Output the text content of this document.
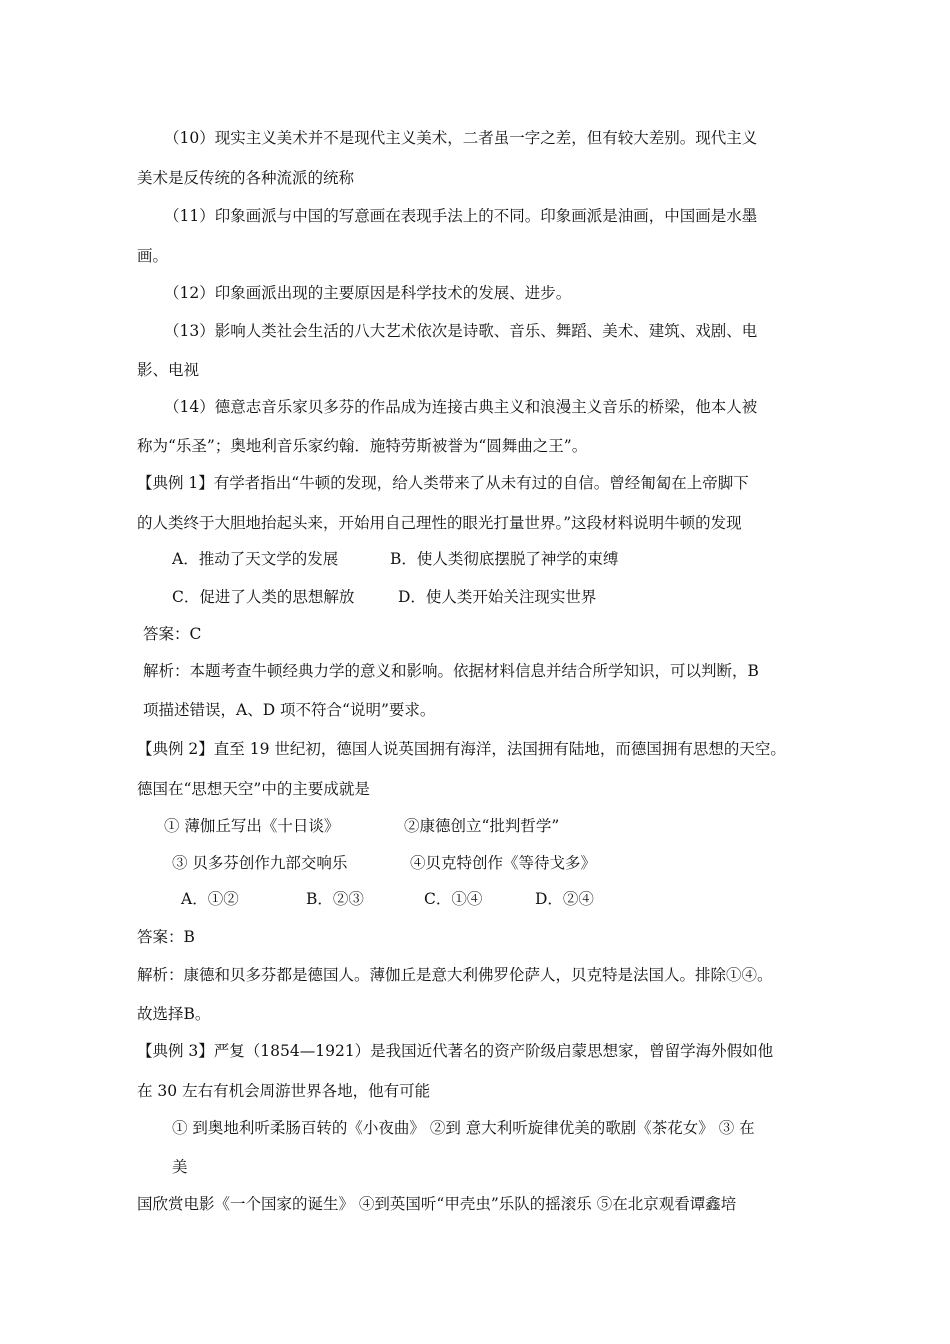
（10）现实主义美术并不是现代主义美术，二者虽一字之差，但有较大差别。现代主义

美术是反传统的各种流派的统称

（11）印象画派与中国的写意画在表现手法上的不同。印象画派是油画，中国画是水墨

画。

（12）印象画派出现的主要原因是科学技术的发展、进步。

（13）影响人类社会生活的八大艺术依次是诗歌、音乐、舞蹈、美术、建筑、戏剧、电

影、电视

（14）德意志音乐家贝多芬的作品成为连接古典主义和浪漫主义音乐的桥梁，他本人被

称为“乐圣”；奥地利音乐家约翰．施特劳斯被誉为“圆舞曲之王”。

【典例 1】有学者指出“牛顿的发现，给人类带来了从未有过的自信。曾经匍匐在上帝脚下

的人类终于大胆地抬起头来，开始用自己理性的眼光打量世界。”这段材料说明牛顿的发现

A．推动了天文学的发展	B．使人类彻底摆脱了神学的束缚

C．促进了人类的思想解放	D．使人类开始关注现实世界

答案：C

解析：本题考查牛顿经典力学的意义和影响。依据材料信息并结合所学知识，可以判断，B

项描述错误，A、D 项不符合“说明”要求。

【典例 2】直至 19 世纪初，德国人说英国拥有海洋，法国拥有陆地，而德国拥有思想的天空。

德国在“思想天空”中的主要成就是

① 薄伽丘写出《十日谈》	②康德创立“批判哲学”

③ 贝多芬创作九部交响乐	④贝克特创作《等待戈多》

A．①②	B．②③	C．①④	D．②④

答案：B

解析：康德和贝多芬都是德国人。薄伽丘是意大利佛罗伦萨人，贝克特是法国人。排除①④。

故选择B。

【典例 3】严复（1854—1921）是我国近代著名的资产阶级启蒙思想家，曾留学海外假如他

在 30 左右有机会周游世界各地，他有可能

① 到奥地利听柔肠百转的《小夜曲》 ②到 意大利听旋律优美的歌剧《茶花女》 ③ 在

美

国欣赏电影《一个国家的诞生》 ④到英国听“甲壳虫”乐队的摇滚乐 ⑤在北京观看谭鑫培
